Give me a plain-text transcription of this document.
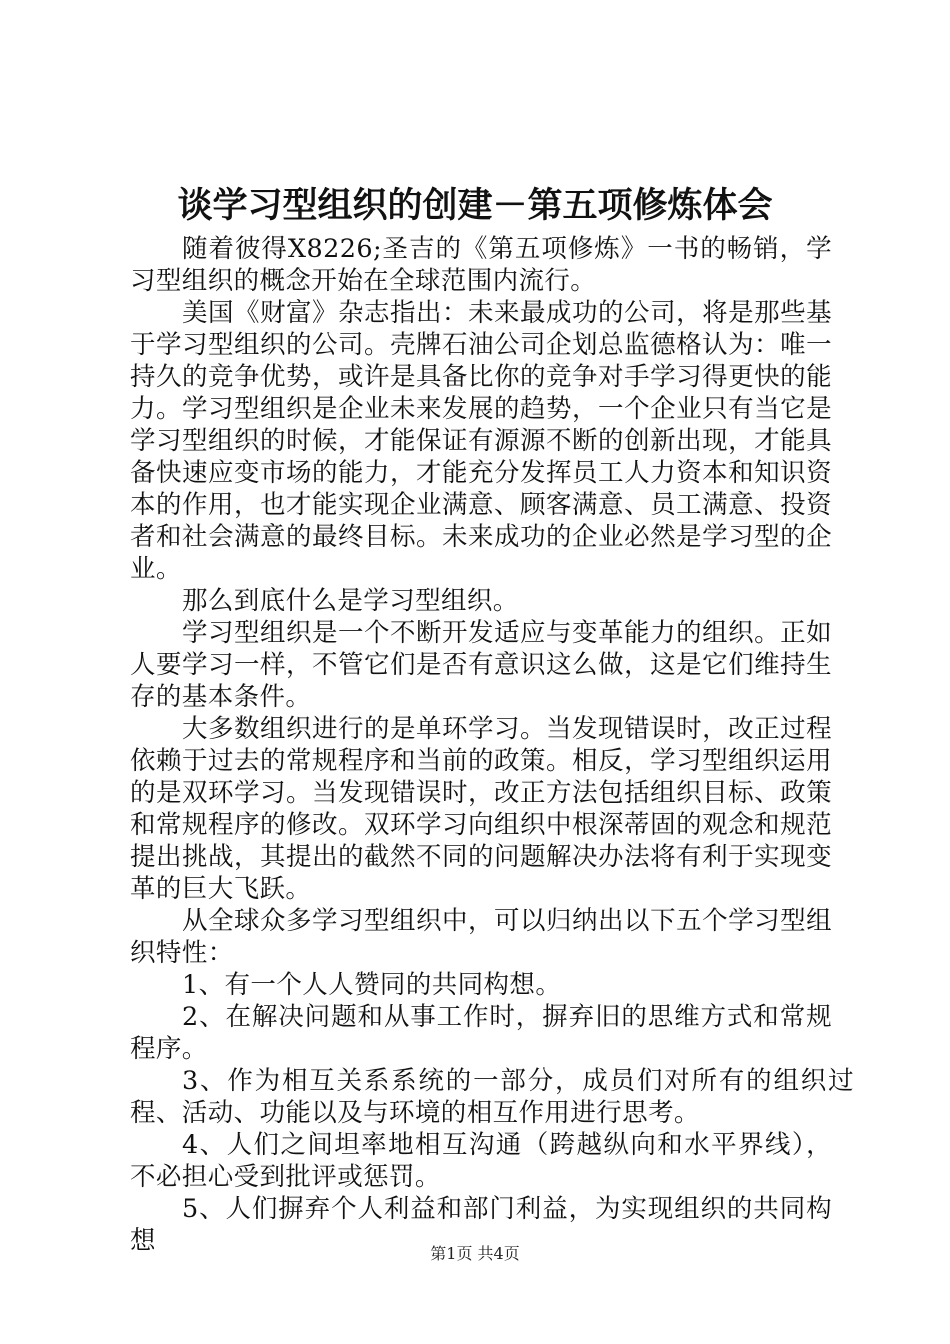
谈学习型组织的创建－第五项修炼体会

随着彼得X8226;圣吉的《第五项修炼》一书的畅销，学习型组织的概念开始在全球范围内流行。

美国《财富》杂志指出：未来最成功的公司，将是那些基于学习型组织的公司。壳牌石油公司企划总监德格认为：唯一持久的竞争优势，或许是具备比你的竞争对手学习得更快的能力。学习型组织是企业未来发展的趋势，一个企业只有当它是学习型组织的时候，才能保证有源源不断的创新出现，才能具备快速应变市场的能力，才能充分发挥员工人力资本和知识资本的作用，也才能实现企业满意、顾客满意、员工满意、投资者和社会满意的最终目标。未来成功的企业必然是学习型的企业。

那么到底什么是学习型组织。

学习型组织是一个不断开发适应与变革能力的组织。正如人要学习一样，不管它们是否有意识这么做，这是它们维持生存的基本条件。

大多数组织进行的是单环学习。当发现错误时，改正过程依赖于过去的常规程序和当前的政策。相反，学习型组织运用的是双环学习。当发现错误时，改正方法包括组织目标、政策和常规程序的修改。双环学习向组织中根深蒂固的观念和规范提出挑战，其提出的截然不同的问题解决办法将有利于实现变革的巨大飞跃。

从全球众多学习型组织中，可以归纳出以下五个学习型组织特性：

1、有一个人人赞同的共同构想。

2、在解决问题和从事工作时，摒弃旧的思维方式和常规程序。

3、作为相互关系系统的一部分，成员们对所有的组织过程、活动、功能以及与环境的相互作用进行思考。

4、人们之间坦率地相互沟通（跨越纵向和水平界线），不必担心受到批评或惩罚。

5、人们摒弃个人利益和部门利益，为实现组织的共同构想	第1页 共4页
